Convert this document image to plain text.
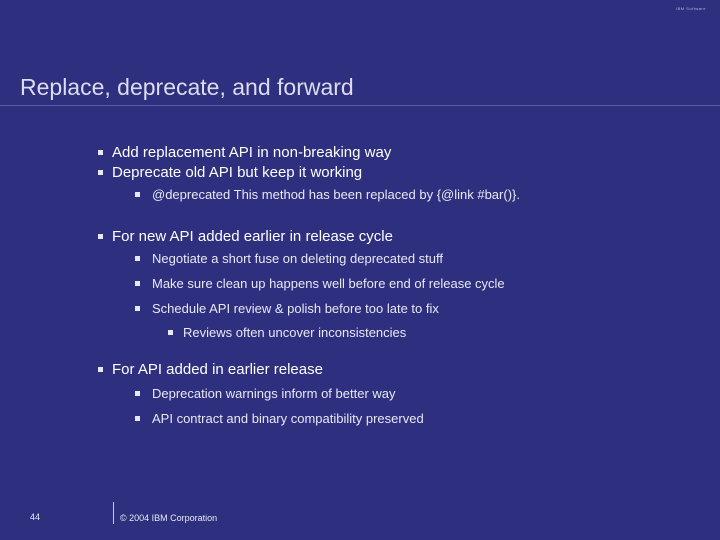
IBM Software
Replace, deprecate, and forward
Add replacement API in non-breaking way
Deprecate old API but keep it working
@deprecated This method has been replaced by {@link #bar()}.
For new API added earlier in release cycle
Negotiate a short fuse on deleting deprecated stuff
Make sure clean up happens well before end of release cycle
Schedule API review & polish before too late to fix
Reviews often uncover inconsistencies
For API added in earlier release
Deprecation warnings inform of better way
API contract and binary compatibility preserved
44	© 2004 IBM Corporation
